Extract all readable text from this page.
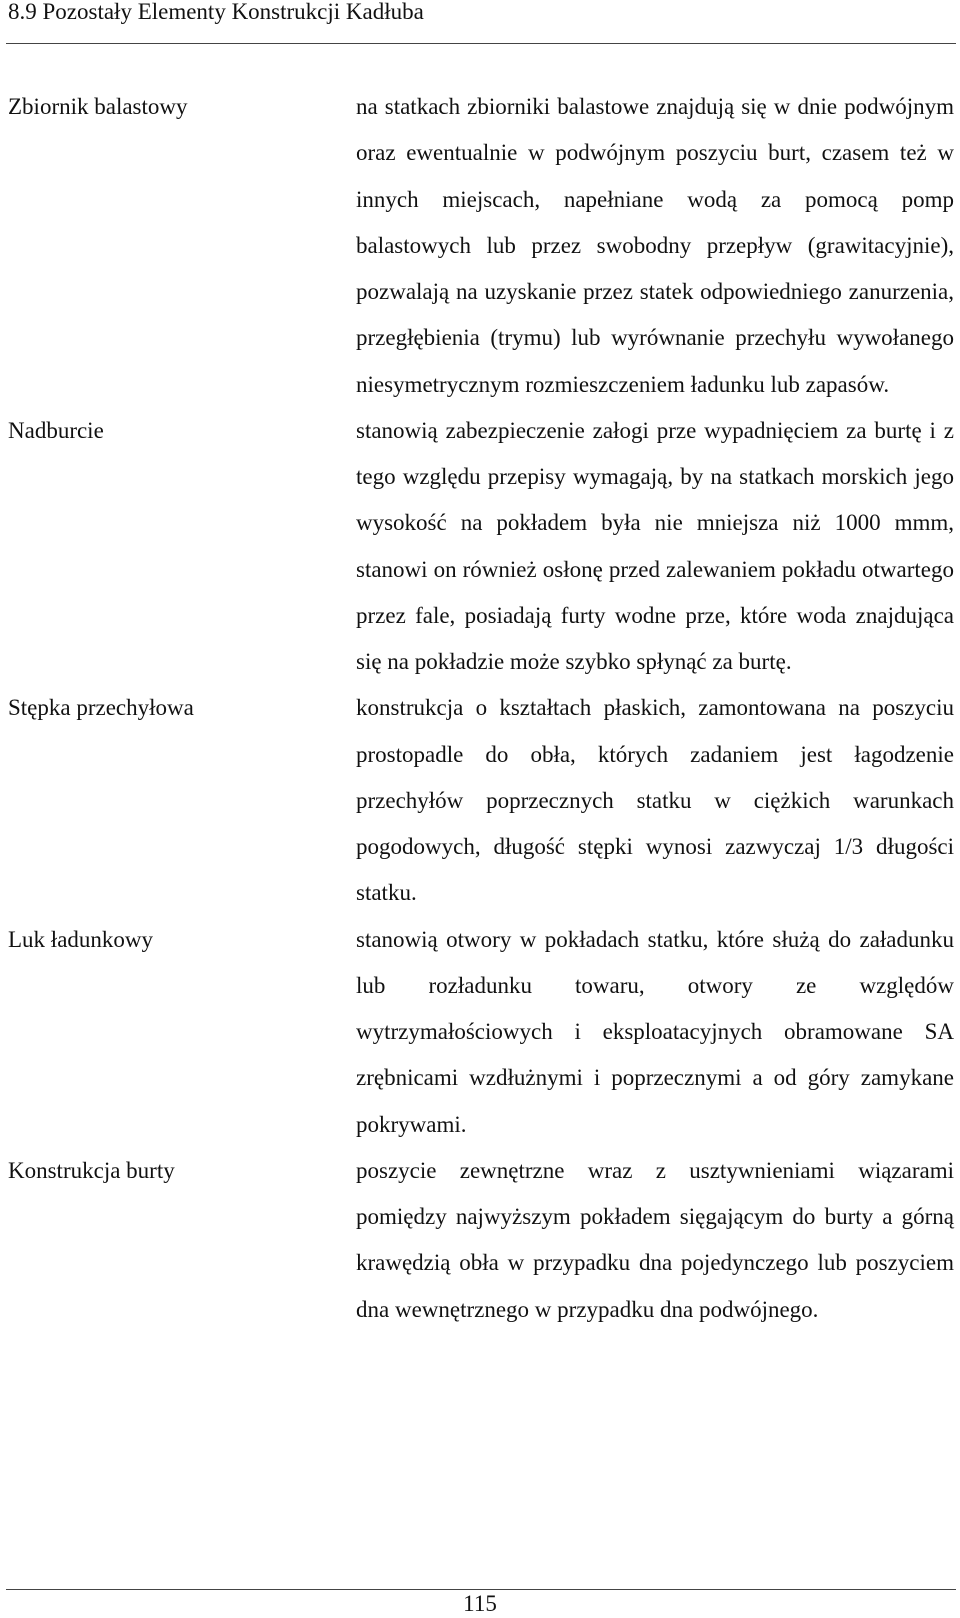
8.9 Pozostały Elementy Konstrukcji Kadłuba
Zbiornik balastowy	na statkach zbiorniki balastowe znajdują się w dnie podwójnym oraz ewentualnie w podwójnym poszyciu burt, czasem też w innych miejscach, napełniane wodą za pomocą pomp balastowych lub przez swobodny przepływ (grawitacyjnie), pozwalają na uzyskanie przez statek odpowiedniego zanurzenia, przegłębienia (trymu) lub wyrównanie przechyłu wywołanego niesymetrycznym rozmieszczeniem ładunku lub zapasów.
Nadburcie	stanowią zabezpieczenie załogi prze wypadnięciem za burtę i z tego względu przepisy wymagają, by na statkach morskich jego wysokość na pokładem była nie mniejsza niż 1000 mmm, stanowi on również osłonę przed zalewaniem pokładu otwartego przez fale, posiadają furty wodne prze, które woda znajdująca się na pokładzie może szybko spłynąć za burtę.
Stępka przechyłowa	konstrukcja o kształtach płaskich, zamontowana na poszyciu prostopadle do obła, których zadaniem jest łagodzenie przechyłów poprzecznych statku w ciężkich warunkach pogodowych, długość stępki wynosi zazwyczaj 1/3 długości statku.
Luk ładunkowy	stanowią otwory w pokładach statku, które służą do załadunku lub rozładunku towaru, otwory ze względów wytrzymałościowych i eksploatacyjnych obramowane SA zrębnicami wzdłużnymi i poprzecznymi a od góry zamykane pokrywami.
Konstrukcja burty	poszycie zewnętrzne wraz z usztywnieniami wiązarami pomiędzy najwyższym pokładem sięgającym do burty a górną krawędzią obła w przypadku dna pojedynczego lub poszyciem dna wewnętrznego w przypadku dna podwójnego.
115
